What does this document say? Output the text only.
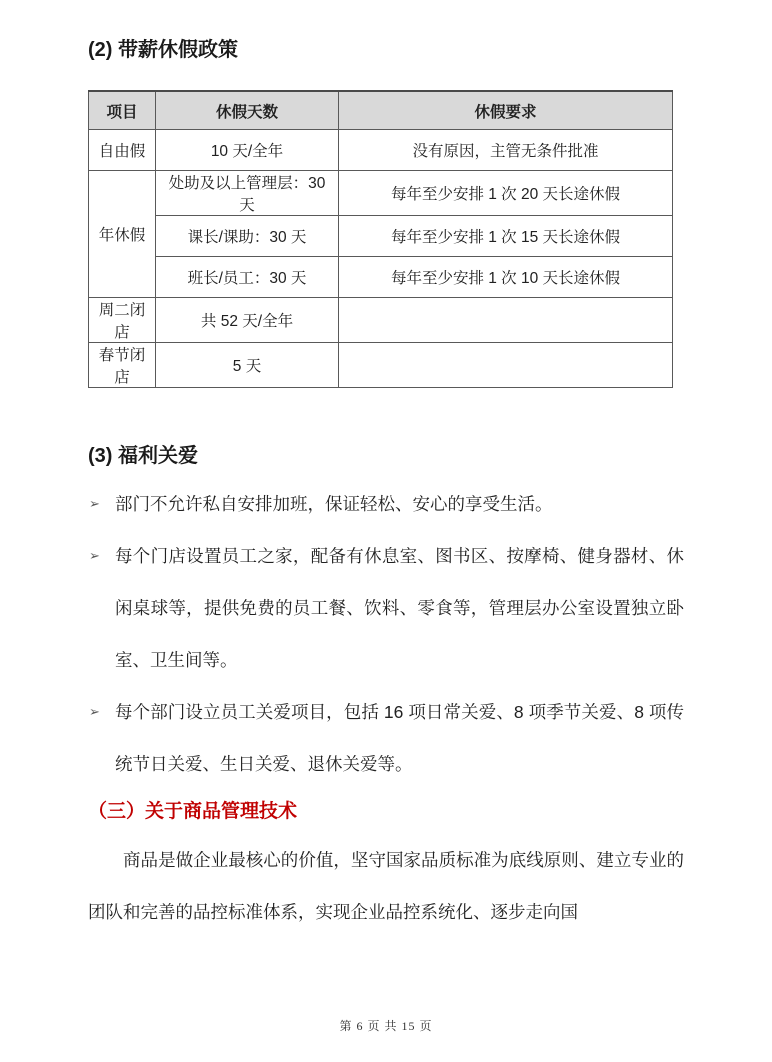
(2) 带薪休假政策
项目	休假天数	休假要求
自由假	10 天/全年	没有原因，主管无条件批准
年休假	处助及以上管理层：30 天	每年至少安排 1 次 20 天长途休假
	课长/课助：30 天	每年至少安排 1 次 15 天长途休假
	班长/员工：30 天	每年至少安排 1 次 10 天长途休假
周二闭店	共 52 天/全年	
春节闭店	5 天	
(3) 福利关爱
➢ 部门不允许私自安排加班，保证轻松、安心的享受生活。
➢ 每个门店设置员工之家，配备有休息室、图书区、按摩椅、健身器材、休闲桌球等，提供免费的员工餐、饮料、零食等，管理层办公室设置独立卧室、卫生间等。
➢ 每个部门设立员工关爱项目，包括 16 项日常关爱、8 项季节关爱、8 项传统节日关爱、生日关爱、退休关爱等。
（三）关于商品管理技术

商品是做企业最核心的价值，坚守国家品质标准为底线原则、建立专业的团队和完善的品控标准体系，实现企业品控系统化、逐步走向国

第 6 页 共 15 页
